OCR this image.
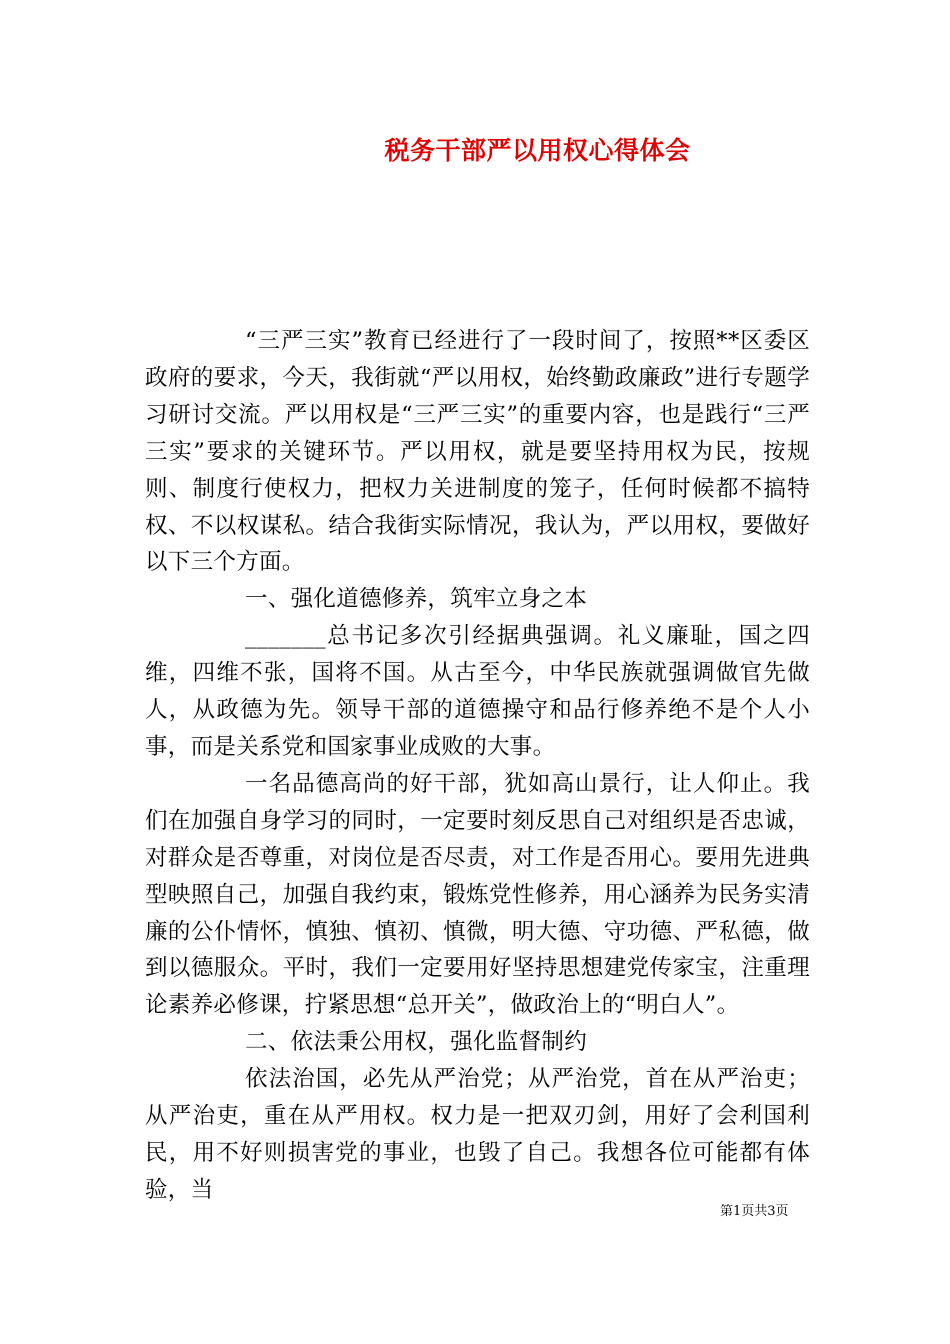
税务干部严以用权心得体会

“三严三实”教育已经进行了一段时间了，按照**区委区政府的要求，今天，我街就“严以用权，始终勤政廉政”进行专题学习研讨交流。严以用权是“三严三实”的重要内容，也是践行“三严三实”要求的关键环节。严以用权，就是要坚持用权为民，按规则、制度行使权力，把权力关进制度的笼子，任何时候都不搞特权、不以权谋私。结合我街实际情况，我认为，严以用权，要做好以下三个方面。

一、强化道德修养，筑牢立身之本

_______总书记多次引经据典强调。礼义廉耻，国之四维，四维不张，国将不国。从古至今，中华民族就强调做官先做人，从政德为先。领导干部的道德操守和品行修养绝不是个人小事，而是关系党和国家事业成败的大事。

一名品德高尚的好干部，犹如高山景行，让人仰止。我们在加强自身学习的同时，一定要时刻反思自己对组织是否忠诚，对群众是否尊重，对岗位是否尽责，对工作是否用心。要用先进典型映照自己，加强自我约束，锻炼党性修养，用心涵养为民务实清廉的公仆情怀，慎独、慎初、慎微，明大德、守功德、严私德，做到以德服众。平时，我们一定要用好坚持思想建党传家宝，注重理论素养必修课，拧紧思想“总开关”，做政治上的“明白人”。

二、依法秉公用权，强化监督制约

依法治国，必先从严治党；从严治党，首在从严治吏；从严治吏，重在从严用权。权力是一把双刃剑，用好了会利国利民，用不好则损害党的事业，也毁了自己。我想各位可能都有体验，当

第1页共3页
